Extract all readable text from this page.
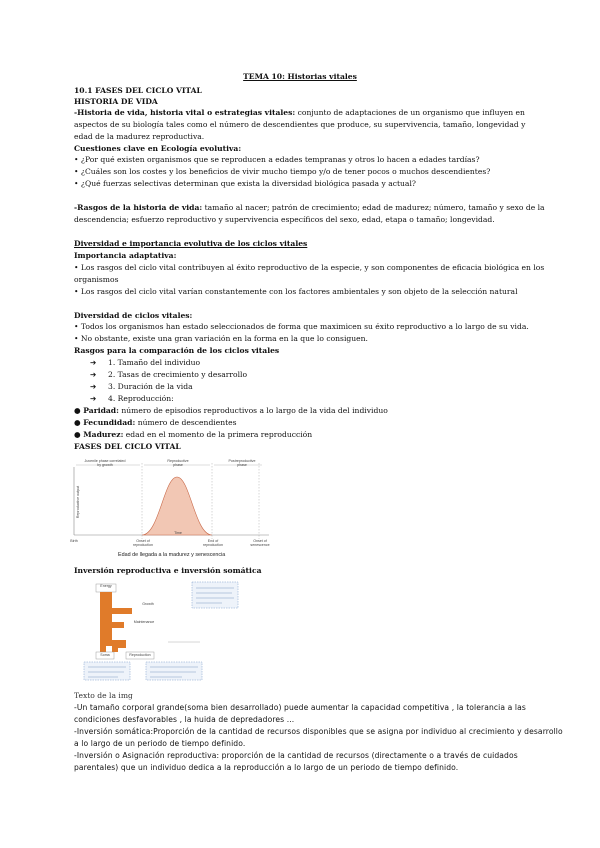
TEMA 10: Historias vitales
10.1 FASES DEL CICLO VITAL
HISTORIA DE VIDA
-Historia de vida, historia vital o estrategias vitales: conjunto de adaptaciones de un organismo que influyen en
aspectos de su biología tales como el número de descendientes que produce, su supervivencia, tamaño, longevidad y
edad de la madurez reproductiva.
Cuestiones clave en Ecología evolutiva:
• ¿Por qué existen organismos que se reproducen a edades tempranas y otros lo hacen a edades tardías?
• ¿Cuáles son los costes y los beneficios de vivir mucho tiempo y/o de tener pocos o muchos descendientes?
• ¿Qué fuerzas selectivas determinan que exista la diversidad biológica pasada y actual?
-Rasgos de la historia de vida: tamaño al nacer; patrón de crecimiento; edad de madurez; número, tamaño y sexo de la
descendencia; esfuerzo reproductivo y supervivencia específicos del sexo, edad, etapa o tamaño; longevidad.
Diversidad e importancia evolutiva de los ciclos vitales
Importancia adaptativa:
• Los rasgos del ciclo vital contribuyen al éxito reproductivo de la especie, y son componentes de eficacia biológica en los
organismos
• Los rasgos del ciclo vital varían constantemente con los factores ambientales y son objeto de la selección natural
Diversidad de ciclos vitales:
• Todos los organismos han estado seleccionados de forma que maximicen su éxito reproductivo a lo largo de su vida.
• No obstante, existe una gran variación en la forma en la que lo consiguen.
Rasgos para la comparación de los ciclos vitales
➔ 1. Tamaño del individuo
➔ 2. Tasas de crecimiento y desarrollo
➔ 3. Duración de la vida
➔ 4. Reproducción:
● Paridad: número de episodios reproductivos a lo largo de la vida del individuo
● Fecundidad: número de descendientes
● Madurez: edad en el momento de la primera reproducción
FASES DEL CICLO VITAL
Juvenile phase correlated
by growth
Reproductive
phase
Postreproductive
phase
Reproductive output
Time
Birth	Onset of
reproduction
End of
reproduction
Onset of
senescence
Edad de llegada a la madurez y senescencia
Inversión reproductiva e inversión somática
Energy
Growth
Maintenance
Soma	Reproduction
Texto de la img
-Un tamaño corporal grande(soma bien desarrollado) puede aumentar la capacidad competitiva , la tolerancia a las
condiciones desfavorables , la huida de depredadores ...
-Inversión somática:Proporción de la cantidad de recursos disponibles que se asigna por individuo al crecimiento y desarrollo
a lo largo de un periodo de tiempo definido.
-Inversión o Asignación reproductiva: proporción de la cantidad de recursos (directamente o a través de cuidados
parentales) que un individuo dedica a la reproducción a lo largo de un periodo de tiempo definido.
